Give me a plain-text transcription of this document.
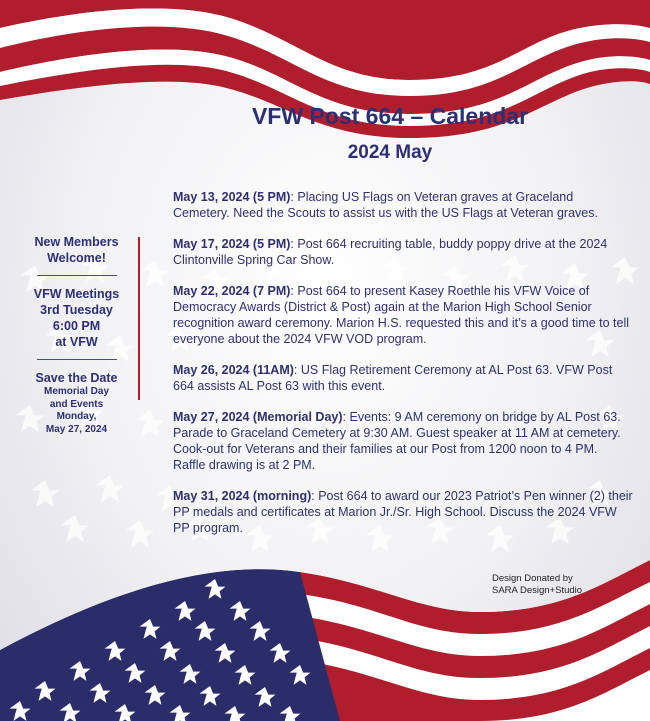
VFW Post 664 – Calendar
2024 May
New Members
Welcome!
VFW Meetings
3rd Tuesday
6:00 PM
at VFW
Save the Date
Memorial Day
and Events
Monday,
May 27, 2024

May 13, 2024 (5 PM): Placing US Flags on Veteran graves at Graceland Cemetery. Need the Scouts to assist us with the US Flags at Veteran graves.

May 17, 2024 (5 PM): Post 664 recruiting table, buddy poppy drive at the 2024 Clintonville Spring Car Show.

May 22, 2024 (7 PM): Post 664 to present Kasey Roethle his VFW Voice of Democracy Awards (District & Post) again at the Marion High School Senior recognition award ceremony. Marion H.S. requested this and it’s a good time to tell everyone about the 2024 VFW VOD program.

May 26, 2024 (11AM): US Flag Retirement Ceremony at AL Post 63. VFW Post 664 assists AL Post 63 with this event.

May 27, 2024 (Memorial Day): Events: 9 AM ceremony on bridge by AL Post 63. Parade to Graceland Cemetery at 9:30 AM. Guest speaker at 11 AM at cemetery. Cook-out for Veterans and their families at our Post from 1200 noon to 4 PM. Raffle drawing is at 2 PM.

May 31, 2024 (morning): Post 664 to award our 2023 Patriot’s Pen winner (2) their PP medals and certificates at Marion Jr./Sr. High School. Discuss the 2024 VFW PP program.

Design Donated by
SARA Design+Studio
